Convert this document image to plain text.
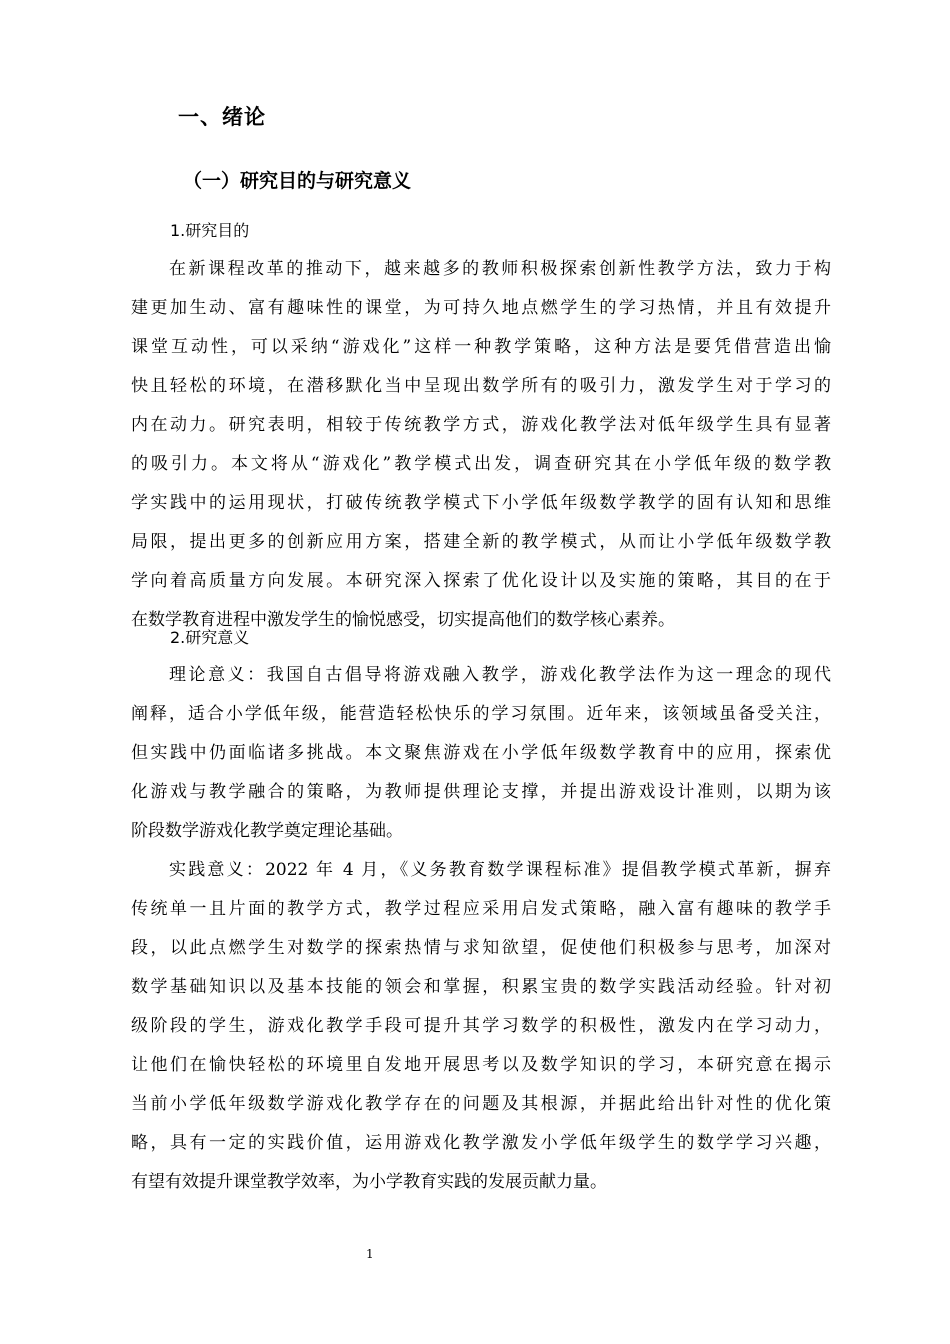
一、绪论
（一）研究目的与研究意义
1.研究目的
在新课程改革的推动下，越来越多的教师积极探索创新性教学方法，致力于构
建更加生动、富有趣味性的课堂，为可持久地点燃学生的学习热情，并且有效提升
课堂互动性，可以采纳“游戏化”这样一种教学策略，这种方法是要凭借营造出愉
快且轻松的环境，在潜移默化当中呈现出数学所有的吸引力，激发学生对于学习的
内在动力。研究表明，相较于传统教学方式，游戏化教学法对低年级学生具有显著
的吸引力。本文将从“游戏化”教学模式出发，调查研究其在小学低年级的数学教
学实践中的运用现状，打破传统教学模式下小学低年级数学教学的固有认知和思维
局限，提出更多的创新应用方案，搭建全新的教学模式，从而让小学低年级数学教
学向着高质量方向发展。本研究深入探索了优化设计以及实施的策略，其目的在于
在数学教育进程中激发学生的愉悦感受，切实提高他们的数学核心素养。
2.研究意义
理论意义：我国自古倡导将游戏融入教学，游戏化教学法作为这一理念的现代
阐释，适合小学低年级，能营造轻松快乐的学习氛围。近年来，该领域虽备受关注，
但实践中仍面临诸多挑战。本文聚焦游戏在小学低年级数学教育中的应用，探索优
化游戏与教学融合的策略，为教师提供理论支撑，并提出游戏设计准则，以期为该
阶段数学游戏化教学奠定理论基础。
实践意义：2022 年 4 月，《义务教育数学课程标准》提倡教学模式革新，摒弃
传统单一且片面的教学方式，教学过程应采用启发式策略，融入富有趣味的教学手
段，以此点燃学生对数学的探索热情与求知欲望，促使他们积极参与思考，加深对
数学基础知识以及基本技能的领会和掌握，积累宝贵的数学实践活动经验。针对初
级阶段的学生，游戏化教学手段可提升其学习数学的积极性，激发内在学习动力，
让他们在愉快轻松的环境里自发地开展思考以及数学知识的学习，本研究意在揭示
当前小学低年级数学游戏化教学存在的问题及其根源，并据此给出针对性的优化策
略，具有一定的实践价值，运用游戏化教学激发小学低年级学生的数学学习兴趣，
有望有效提升课堂教学效率，为小学教育实践的发展贡献力量。
1
